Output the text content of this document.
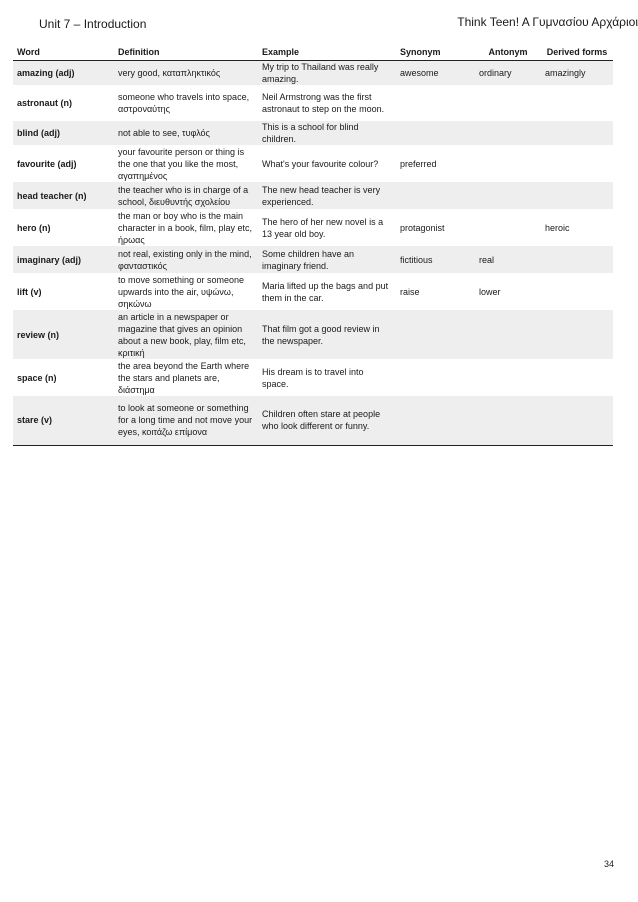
Unit 7 – Introduction	Think Teen! A Γυμνασίου Αρχάριοι
Word	Definition	Example	Synonym	Antonym	Derived forms
amazing (adj)	very good, καταπληκτικός	My trip to Thailand was really amazing.	awesome	ordinary	amazingly
astronaut (n)	someone who travels into space, αστροναύτης	Neil Armstrong was the first astronaut to step on the moon.			
blind (adj)	not able to see, τυφλός	This is a school for blind children.			
favourite (adj)	your favourite person or thing is the one that you like the most, αγαπημένος	What's your favourite colour?	preferred		
head teacher (n)	the teacher who is in charge of a school, διευθυντής σχολείου	The new head teacher is very experienced.			
hero (n)	the man or boy who is the main character in a book, film, play etc, ήρωας	The hero of her new novel is a 13 year old boy.	protagonist		heroic
imaginary (adj)	not real, existing only in the mind, φανταστικός	Some children have an imaginary friend.	fictitious	real	
lift (v)	to move something or someone upwards into the air, υψώνω, σηκώνω	Maria lifted up the bags and put them in the car.	raise	lower	
review (n)	an article in a newspaper or magazine that gives an opinion about a new book, play, film etc, κριτική	That film got a good review in the newspaper.			
space (n)	the area beyond the Earth where the stars and planets are, διάστημα	His dream is to travel into space.			
stare (v)	to look at someone or something for a long time and not move your eyes, κοιτάζω επίμονα	Children often stare at people who look different or funny.			
34
